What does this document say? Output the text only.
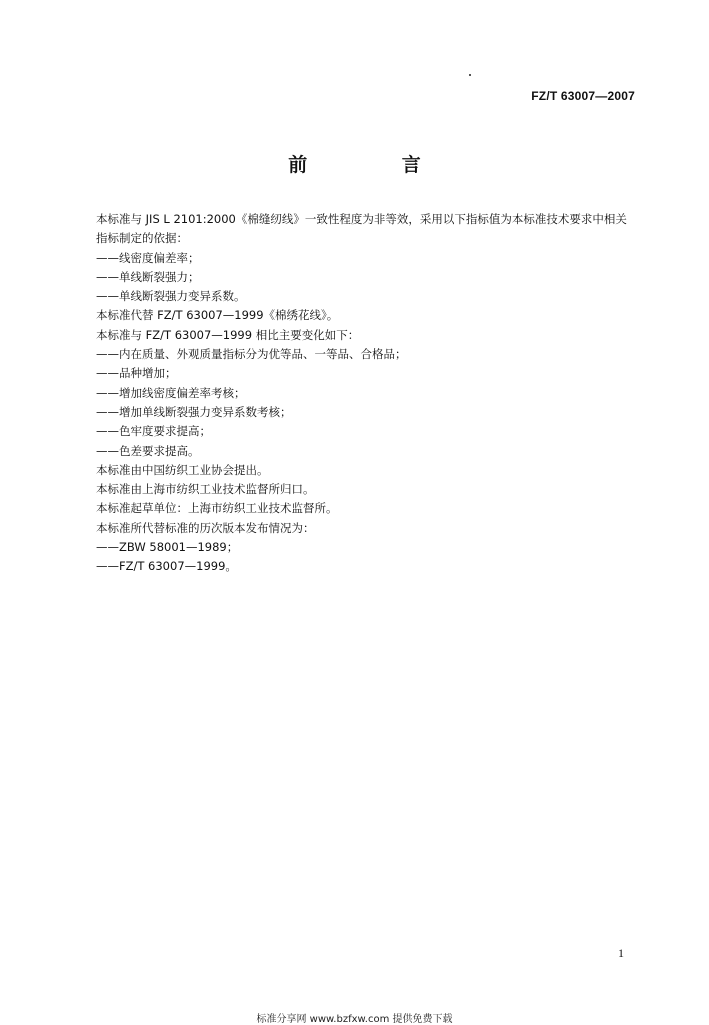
FZ/T 63007—2007
前 言
本标准与 JIS L 2101:2000《棉缝纫线》一致性程度为非等效，采用以下指标值为本标准技术要求中相关指标制定的依据：
——线密度偏差率；
——单线断裂强力；
——单线断裂强力变异系数。
本标准代替 FZ/T 63007—1999《棉绣花线》。
本标准与 FZ/T 63007—1999 相比主要变化如下：
——内在质量、外观质量指标分为优等品、一等品、合格品；
——品种增加；
——增加线密度偏差率考核；
——增加单线断裂强力变异系数考核；
——色牢度要求提高；
——色差要求提高。
本标准由中国纺织工业协会提出。
本标准由上海市纺织工业技术监督所归口。
本标准起草单位：上海市纺织工业技术监督所。
本标准所代替标准的历次版本发布情况为：
——ZBW 58001—1989；
——FZ/T 63007—1999。
1
标准分享网 www.bzfxw.com 提供免费下载
